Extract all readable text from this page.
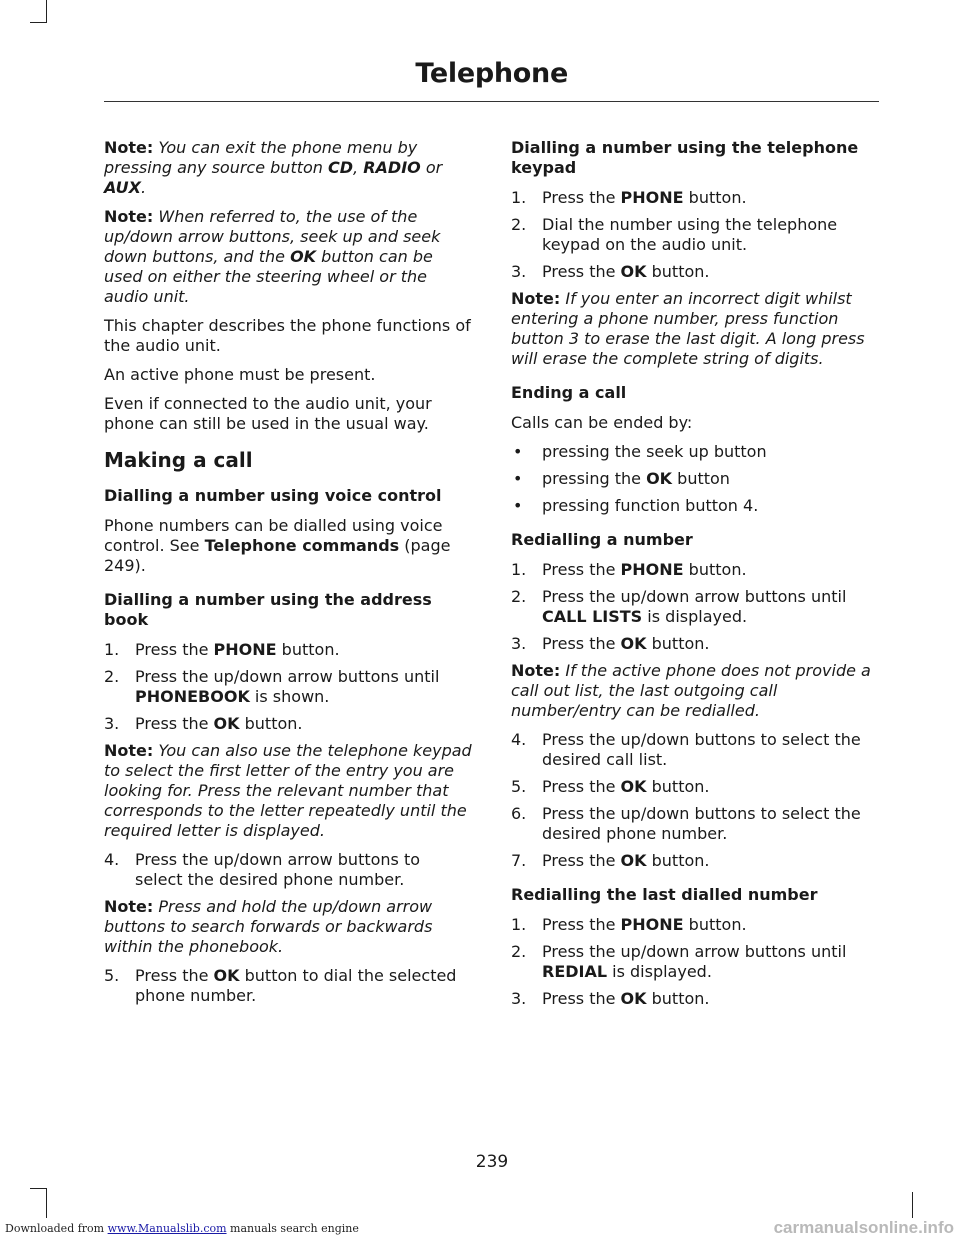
Telephone

Note: You can exit the phone menu by pressing any source button CD, RADIO or AUX.

Note: When referred to, the use of the up/down arrow buttons, seek up and seek down buttons, and the OK button can be used on either the steering wheel or the audio unit.

This chapter describes the phone functions of the audio unit.

An active phone must be present.

Even if connected to the audio unit, your phone can still be used in the usual way.

Making a call
Dialling a number using voice control

Phone numbers can be dialled using voice control. See Telephone commands (page 249).

Dialling a number using the address book
1. Press the PHONE button.
2. Press the up/down arrow buttons until PHONEBOOK is shown.
3. Press the OK button.

Note: You can also use the telephone keypad to select the first letter of the entry you are looking for. Press the relevant number that corresponds to the letter repeatedly until the required letter is displayed.

4. Press the up/down arrow buttons to select the desired phone number.

Note: Press and hold the up/down arrow buttons to search forwards or backwards within the phonebook.

5. Press the OK button to dial the selected phone number.
Dialling a number using the telephone keypad
1. Press the PHONE button.
2. Dial the number using the telephone keypad on the audio unit.
3. Press the OK button.

Note: If you enter an incorrect digit whilst entering a phone number, press function button 3 to erase the last digit. A long press will erase the complete string of digits.

Ending a call

Calls can be ended by:

•	pressing the seek up button
•	pressing the OK button
•	pressing function button 4.
Redialling a number
1. Press the PHONE button.
2. Press the up/down arrow buttons until CALL LISTS is displayed.
3. Press the OK button.

Note: If the active phone does not provide a call out list, the last outgoing call number/entry can be redialled.

4. Press the up/down buttons to select the desired call list.
5. Press the OK button.
6. Press the up/down buttons to select the desired phone number.
7. Press the OK button.
Redialling the last dialled number
1. Press the PHONE button.
2. Press the up/down arrow buttons until REDIAL is displayed.
3. Press the OK button.
239
Downloaded from www.Manualslib.com manuals search engine	carmanualsonline.info
